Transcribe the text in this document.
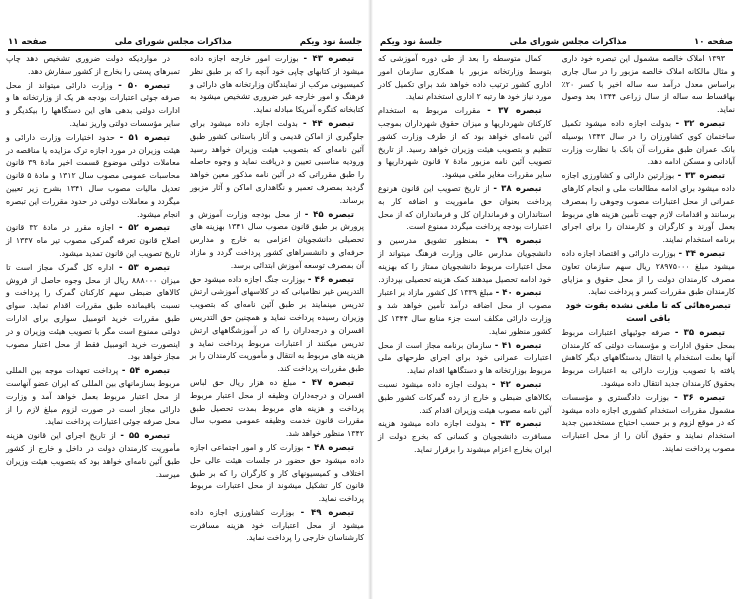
صفحه ۱۱	مذاکرات مجلس شورای ملی	جلسهٔ نود ویکم

تبصره ۴۳ - بوزارت امور خارجه اجازه داده میشود از کتابهای چاپی خود آنچه را که بر طبق نظر کمیسیونی مرکب از نمایندگان وزارتخانه های دارائی و فرهنگ و امور خارجه غیر ضروری تشخیص میشود به کتابخانه کنگره آمریکا مبادله نماید.

تبصره ۴۴ - بدولت اجازه داده میشود برای جلوگیری از اماکن قدیمی و آثار باستانی کشور طبق آئین نامه‌ای که بتصویب هیئت وزیران خواهد رسید وروديه مناسبی تعیین و دریافت نماید و وجوه حاصله را طبق مقرراتی که در آئین نامه مذکور معین خواهد گردید بمصرف تعمیر و نگاهداری اماکن و آثار مزبور برساند.

تبصره ۴۵ - از محل بودجه وزارت آموزش و پرورش بر طبق قانون مصوب سال ۱۳۴۱ بهزینه های تحصیلی دانشجویان اعزامی به خارج و مدارس حرفه‌ای و دانشسراهای کشور پرداخت گردد و مازاد آن بمصرف توسعه آموزش ابتدائی برسد.

تبصره ۴۶ - بوزارت جنگ اجازه داده میشود حق التدریس غیر نظامیانی که در کلاسهای آموزشی ارتش تدریس مینمایند بر طبق آئین نامه‌ای که بتصویب وزیران رسیده پرداخت نماید و همچنین حق التدریس افسران و درجه‌داران را که در آموزشگاههای ارتش تدریس میکنند از اعتبارات مربوط پرداخت نماید و هزینه های مربوط به انتقال و مأموریت کارمندان را بر طبق مقررات پرداخت کند.

تبصره ۴۷ - مبلغ ده هزار ریال حق لباس افسران و درجه‌داران وظیفه از محل اعتبار مربوط پرداخت و هزینه های مربوط بمدت تحصیل طبق مقررات قانون خدمت وظیفه عمومی مصوب سال ۱۳۴۲ منظور خواهد شد.

تبصره ۴۸ - بوزارت کار و امور اجتماعی اجازه داده میشود حق حضور در جلسات هیئت عالی حل اختلاف و کمیسیونهای کار و کارگران را که بر طبق قانون کار تشکیل میشوند از محل اعتبارات مربوط پرداخت نماید.

تبصره ۴۹ - بوزارت کشاورزی اجازه داده میشود از محل اعتبارات خود هزینه مسافرت کارشناسان خارجی را پرداخت نماید.

در مواردیکه دولت ضروری تشخیص دهد چاپ تمبرهای پستی را بخارج از کشور سفارش دهد.

تبصره ۵۰ - وزارت دارائی میتواند از محل صرفه جوئی اعتبارات بودجه هر یک از وزارتخانه ها و ادارات دولتی بدهی های این دستگاهها را بیکدیگر و سایر مؤسسات دولتی واریز نماید.

تبصره ۵۱ - حدود اختیارات وزارت دارائی و هیئت وزیران در مورد اجازه ترک مزایده یا مناقصه در معاملات دولتی موضوع قسمت اخیر مادهٔ ۳۹ قانون محاسبات عمومی مصوب سال ۱۳۱۲ و مادهٔ ۵ قانون تعدیل مالیات مصوب سال ۱۳۴۱ بشرح زیر تعیین میگردد و معاملات دولتی در حدود مقررات این تبصره انجام میشود.

تبصره ۵۲ - اجازه مقرر در مادهٔ ۳۲ قانون اصلاح قانون تعرفه گمرکی مصوب تیر ماه ۱۳۳۷ از تاریخ تصویب این قانون تمدید میشود.

تبصره ۵۳ - اداره کل گمرک مجاز است تا میزان ۸۸۸۰۰۰ ریال از محل وجوه حاصل از فروش کالاهای ضبطی سهم کارکنان گمرک را پرداخت و نسبت باقیمانده طبق مقررات اقدام نماید. سوای طبق مقررات خرید اتومبیل سواری برای ادارات دولتی ممنوع است مگر با تصویب هیئت وزیران و در اینصورت خرید اتومبیل فقط از محل اعتبار مصوب مجاز خواهد بود.

تبصره ۵۴ - پرداخت تعهدات موجه بین المللی مربوط بسازمانهای بین المللی که ایران عضو آنهاست از محل اعتبار مربوط بعمل خواهد آمد و وزارت دارائی مجاز است در صورت لزوم مبلغ لازم را از محل صرفه جوئی اعتبارات پرداخت نماید.

تبصره ۵۵ - از تاریخ اجرای این قانون هزینه مأموریت کارمندان دولت در داخل و خارج از کشور طبق آئین نامه‌ای خواهد بود که بتصویب هیئت وزیران میرسد.

صفحه ۱۰
مذاکرات مجلس شورای ملی
جلسهٔ نود ویکم

۱۳۹۳ املاک خالصه مشمول این تبصره خود داری و مثال مالکانه املاک خالصه مزبور را در سال جاری براساس معدل درآمد سه ساله اخیر با کسر ۲۰٪ بهاقساط سه ساله از سال زراعی ۱۳۴۴ بعد وصول نماید.

تبصره ۳۲ - بدولت اجازه داده میشود تکمیل ساختمان کوی کشاورزان را در سال ۱۳۴۳ بوسیله بانک عمران طبق مقررات آن بانک با نظارت وزارت آبادانی و مسکن ادامه دهد.

تبصره ۳۳ - بوزارتین دارائی و کشاورزی اجازه داده میشود برای ادامه مطالعات ملی و انجام کارهای عمرانی از محل اعتبارات مصوب وجوهی را بمصرف برسانند و اقدامات لازم جهت تأمین هزینه های مربوط بعمل آورند و کارگران و کارمندان را برای اجرای برنامه استخدام نمایند.

تبصره ۳۴ - بوزارت دارائی و اقتصاد اجازه داده میشود مبلغ ۲۸۹۷۵۰۰۰ ریال سهم سازمان تعاون مصرف کارمندان دولت را از محل حقوق و مزایای کارمندان طبق مقررات کسر و پرداخت نماید.

تبصره‌هائی که تا ملغی نشده بقوت خود باقی است

تبصره ۳۵ - صرفه جوئیهای اعتبارات مربوط بمحل حقوق ادارات و مؤسسات دولتی که کارمندان آنها بعلت استخدام یا انتقال بدستگاههای دیگر کاهش یافته با تصویب وزارت دارائی به اعتبارات مربوط بحقوق کارمندان جدید انتقال داده میشود.

تبصره ۳۶ - بوزارت دادگستری و مؤسسات مشمول مقررات استخدام کشوری اجازه داده میشود که در موقع لزوم و بر حسب احتیاج مستخدمین جدید استخدام نمایند و حقوق آنان را از محل اعتبارات مصوب پرداخت نمایند.

کمال متوسطه را بعد از طی دوره آموزشی که بتوسط وزارتخانه مزبور با همکاری سازمان امور اداری کشور ترتیب داده خواهد شد برای تکمیل کادر مورد نیاز خود ها رتبه ۲ اداری استخدام نماید.

تبصره ۳۷ - مقررات مربوط به استخدام کارکنان شهرداریها و میزان حقوق شهرداران بموجب آئین نامه‌ای خواهد بود که از طرف وزارت کشور تنظیم و بتصویب هیئت وزیران خواهد رسید. از تاریخ تصویب آئین نامه مزبور مادهٔ ۷ قانون شهرداریها و سایر مقررات مغایر ملغی میشود.

تبصره ۳۸ - از تاریخ تصویب این قانون هرنوع پرداخت بعنوان حق ماموریت و اضافه کار به استانداران و فرمانداران کل و فرمانداران که از محل اعتبارات بودجه پرداخت میگردد ممنوع است.

تبصره ۳۹ - بمنظور تشویق مدرسین و دانشجویان مدارس عالی وزارت فرهنگ میتواند از محل اعتبارات مربوط دانشجویان ممتاز را که بهزینه خود ادامه تحصیل میدهند کمک هزینه تحصیلی بپردازد.

تبصره ۴۰ - مبلغ ۱۳۳۹ کل کشور مازاد بر اعتبار مصوب از محل اضافه درآمد تأمین خواهد شد و وزارت دارائی مکلف است جزء منابع سال ۱۳۴۴ کل کشور منظور نماید.

تبصره ۴۱ - سازمان برنامه مجاز است از محل اعتبارات عمرانی خود برای اجرای طرحهای ملی مربوط بوزارتخانه ها و دستگاهها اقدام نماید.

تبصره ۴۲ - بدولت اجازه داده میشود نسبت بکالاهای ضبطی و خارج از رده گمرکات کشور طبق آئین نامه مصوب هیئت وزیران اقدام کند.

تبصره ۴۳ - بدولت اجازه داده میشود هزینه مسافرت دانشجویان و کسانی که بخرج دولت از ایران بخارج اعزام میشوند را برقرار نماید.
